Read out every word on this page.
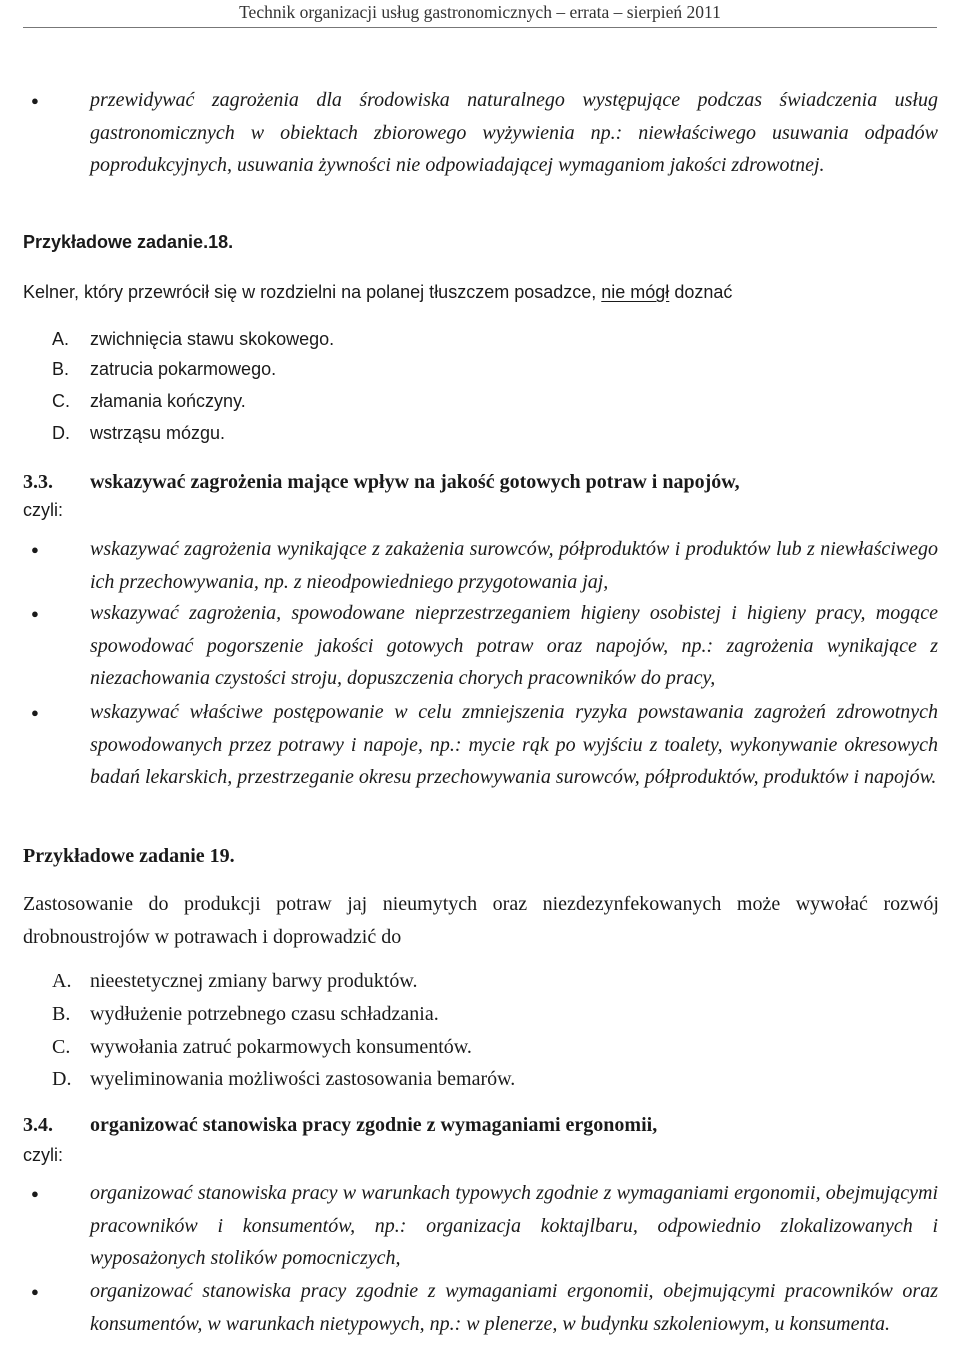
Technik organizacji usług gastronomicznych – errata – sierpień 2011
●	przewidywać zagrożenia dla środowiska naturalnego występujące podczas świadczenia usług gastronomicznych w obiektach zbiorowego wyżywienia np.: niewłaściwego usuwania odpadów poprodukcyjnych, usuwania żywności nie odpowiadającej wymaganiom jakości zdrowotnej.
Przykładowe zadanie.18.
Kelner, który przewrócił się w rozdzielni na polanej tłuszczem posadzce, nie mógł doznać
A. zwichnięcia stawu skokowego.
B. zatrucia pokarmowego.
C. złamania kończyny.
D. wstrząsu mózgu.
3.3. wskazywać zagrożenia mające wpływ na jakość gotowych potraw i napojów,
czyli:
●	wskazywać zagrożenia wynikające z zakażenia surowców, półproduktów i produktów lub z niewłaściwego ich przechowywania, np. z nieodpowiedniego przygotowania jaj,
●	wskazywać zagrożenia, spowodowane nieprzestrzeganiem higieny osobistej i higieny pracy, mogące spowodować pogorszenie jakości gotowych potraw oraz napojów, np.: zagrożenia wynikające z niezachowania czystości stroju, dopuszczenia chorych pracowników do pracy,
●	wskazywać właściwe postępowanie w celu zmniejszenia ryzyka powstawania zagrożeń zdrowotnych spowodowanych przez potrawy i napoje, np.: mycie rąk po wyjściu z toalety, wykonywanie okresowych badań lekarskich, przestrzeganie okresu przechowywania surowców, półproduktów, produktów i napojów.
Przykładowe zadanie 19.
Zastosowanie do produkcji potraw jaj nieumytych oraz niezdezynfekowanych może wywołać rozwój drobnoustrojów w potrawach i doprowadzić do
A. nieestetycznej zmiany barwy produktów.
B. wydłużenie potrzebnego czasu schładzania.
C. wywołania zatruć pokarmowych konsumentów.
D. wyeliminowania możliwości zastosowania bemarów.
3.4. organizować stanowiska pracy zgodnie z wymaganiami ergonomii,
czyli:
●	organizować stanowiska pracy w warunkach typowych zgodnie z wymaganiami ergonomii, obejmującymi pracowników i konsumentów, np.: organizacja koktajlbaru, odpowiednio zlokalizowanych i wyposażonych stolików pomocniczych,
●	organizować stanowiska pracy zgodnie z wymaganiami ergonomii, obejmującymi pracowników oraz konsumentów, w warunkach nietypowych, np.: w plenerze, w budynku szkoleniowym, u konsumenta.
